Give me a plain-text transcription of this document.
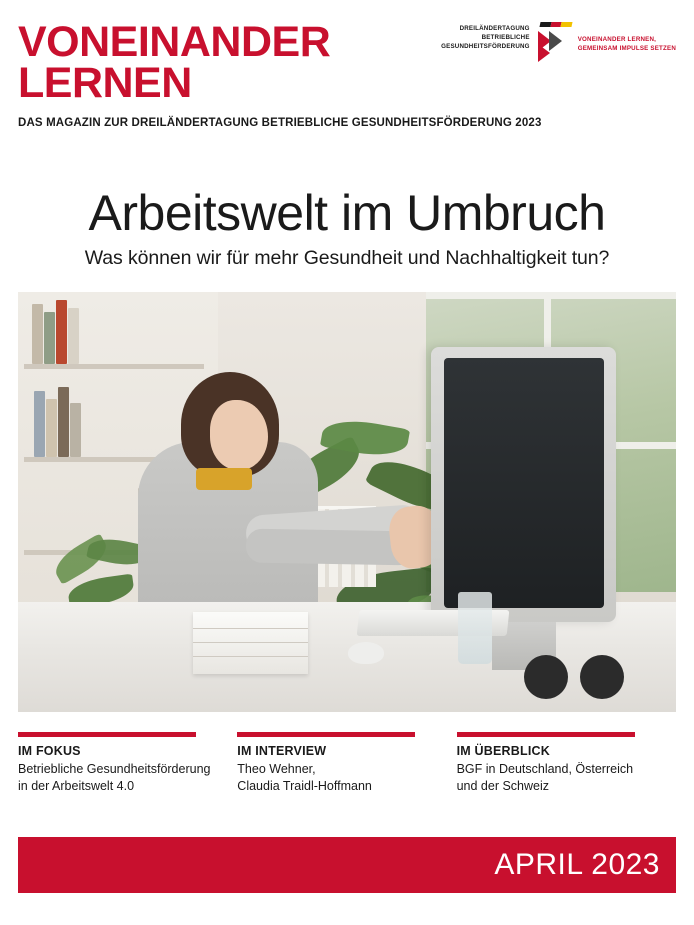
VONEINANDER
LERNEN
DAS MAGAZIN ZUR DREILÄNDERTAGUNG BETRIEBLICHE GESUNDHEITSFÖRDERUNG 2023
DREILÄNDERTAGUNG
BETRIEBLICHE
GESUNDHEITSFÖRDERUNG
VONEINANDER LERNEN,
GEMEINSAM IMPULSE SETZEN
Arbeitswelt im Umbruch
Was können wir für mehr Gesundheit und Nachhaltigkeit tun?
IM FOKUS
Betriebliche Gesundheitsförderung
in der Arbeitswelt 4.0
IM INTERVIEW
Theo Wehner,
Claudia Traidl-Hoffmann
IM ÜBERBLICK
BGF in Deutschland, Österreich
und der Schweiz
APRIL 2023
